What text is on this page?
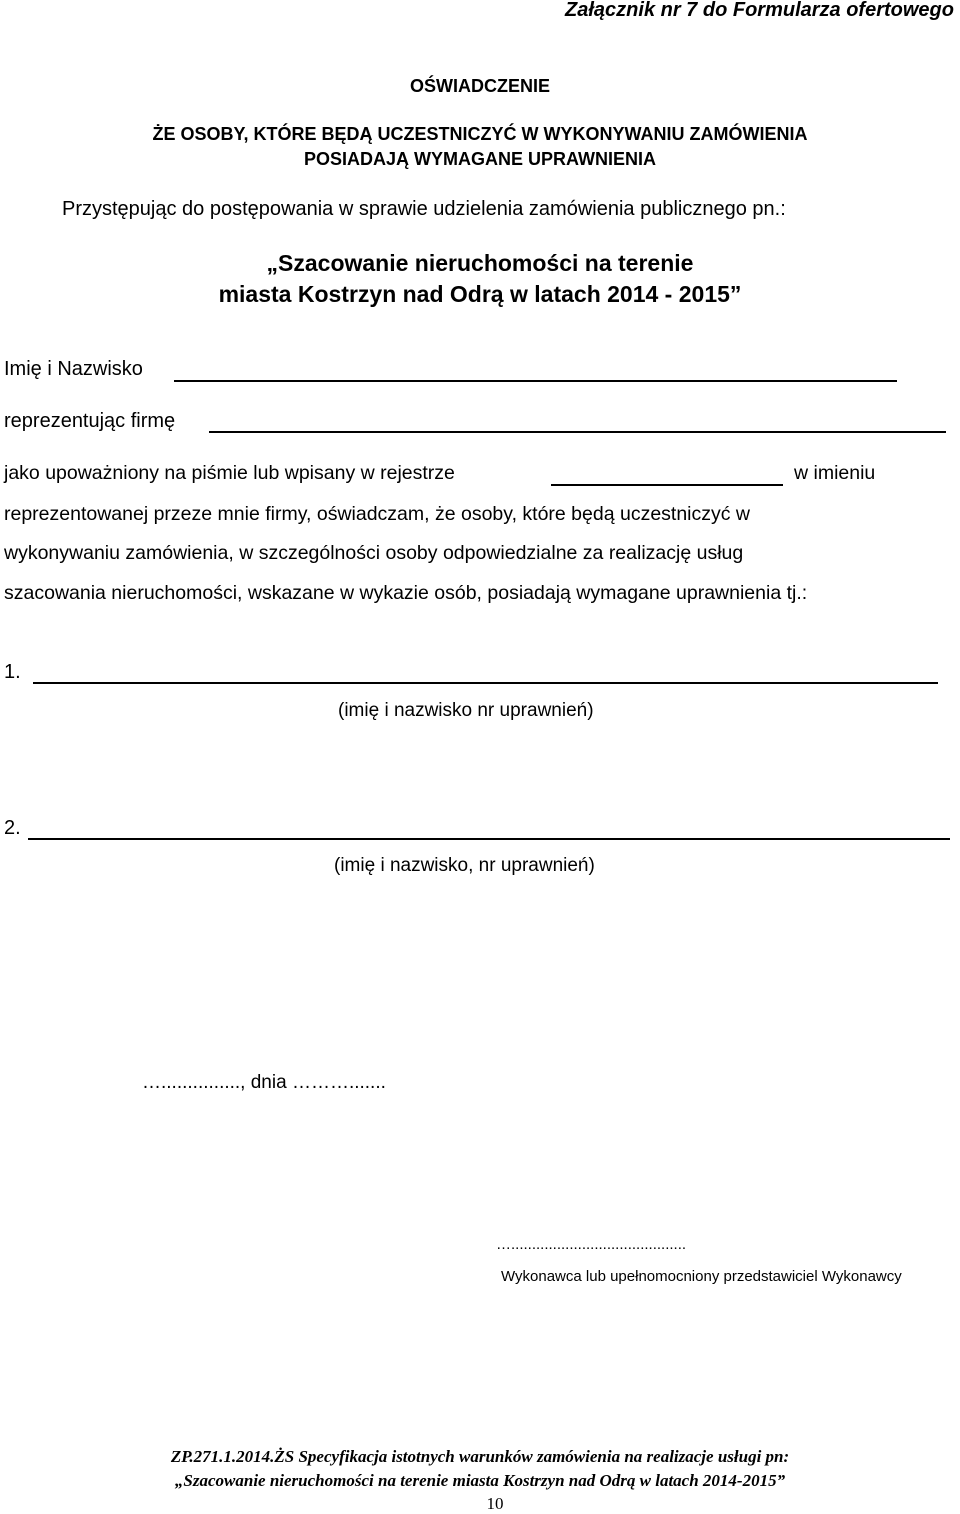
Załącznik nr 7 do Formularza ofertowego
OŚWIADCZENIE
ŻE OSOBY, KTÓRE BĘDĄ UCZESTNICZYĆ W WYKONYWANIU ZAMÓWIENIA
POSIADAJĄ WYMAGANE UPRAWNIENIA
Przystępując do postępowania w sprawie udzielenia zamówienia publicznego pn.:
„Szacowanie nieruchomości na terenie
miasta Kostrzyn nad Odrą w latach 2014 - 2015”
Imię i Nazwisko
reprezentując firmę
jako upoważniony na piśmie lub wpisany w rejestrze	w imieniu
reprezentowanej przeze mnie firmy, oświadczam, że osoby, które będą uczestniczyć w
wykonywaniu zamówienia, w szczególności osoby odpowiedzialne za realizację usług
szacowania nieruchomości, wskazane w wykazie osób, posiadają wymagane uprawnienia tj.:
1.
(imię i nazwisko nr uprawnień)
2.
(imię i nazwisko, nr uprawnień)
…..............., dnia ……….......
…..........................................
Wykonawca lub upełnomocniony przedstawiciel Wykonawcy
ZP.271.1.2014.ŻS Specyfikacja istotnych warunków zamówienia na realizacje usługi pn:
„Szacowanie nieruchomości na terenie miasta Kostrzyn nad Odrą w latach 2014-2015”
10
